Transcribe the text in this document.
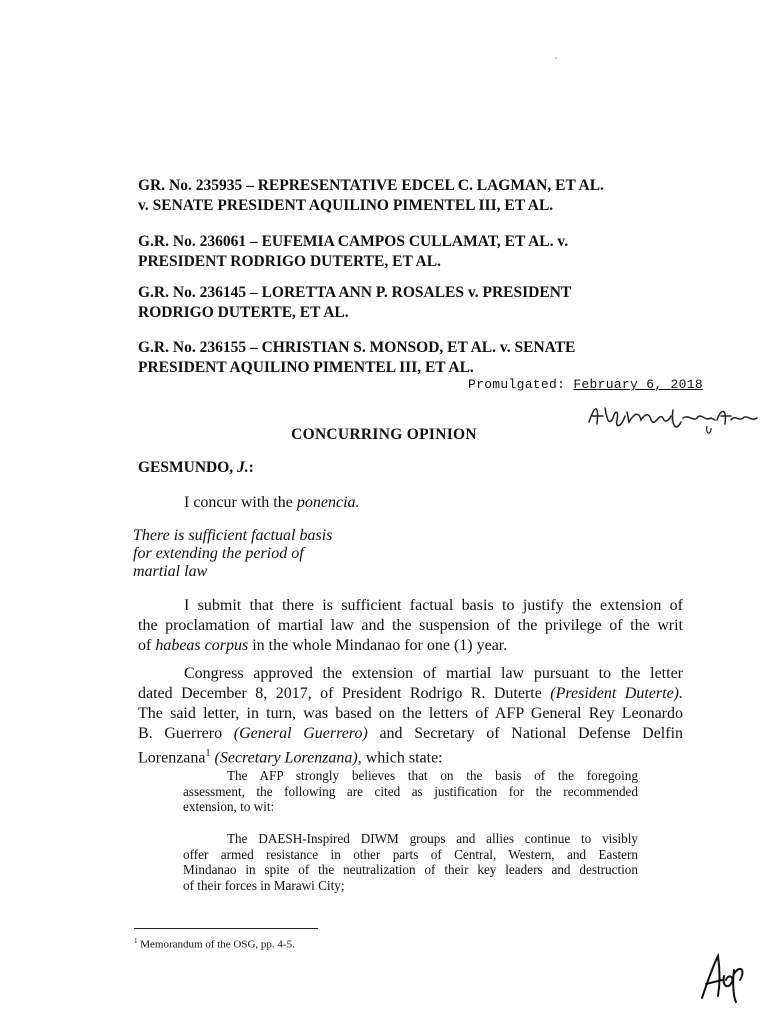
GR. No. 235935 – REPRESENTATIVE EDCEL C. LAGMAN, ET AL.
v. SENATE PRESIDENT AQUILINO PIMENTEL III, ET AL.
G.R. No. 236061 – EUFEMIA CAMPOS CULLAMAT, ET AL. v.
PRESIDENT RODRIGO DUTERTE, ET AL.
G.R. No. 236145 – LORETTA ANN P. ROSALES v. PRESIDENT
RODRIGO DUTERTE, ET AL.
G.R. No. 236155 – CHRISTIAN S. MONSOD, ET AL. v. SENATE
PRESIDENT AQUILINO PIMENTEL III, ET AL.
Promulgated: February 6, 2018
CONCURRING OPINION
GESMUNDO, J.:
I concur with the ponencia.
There is sufficient factual basis
for extending the period of
martial law
I submit that there is sufficient factual basis to justify the extension of
the proclamation of martial law and the suspension of the privilege of the writ
of habeas corpus in the whole Mindanao for one (1) year.
Congress approved the extension of martial law pursuant to the letter
dated December 8, 2017, of President Rodrigo R. Duterte (President Duterte).
The said letter, in turn, was based on the letters of AFP General Rey Leonardo
B. Guerrero (General Guerrero) and Secretary of National Defense Delfin
Lorenzana$^1$ (Secretary Lorenzana), which state:
The AFP strongly believes that on the basis of the foregoing
assessment, the following are cited as justification for the recommended
extension, to wit:
The DAESH-Inspired DIWM groups and allies continue to visibly
offer armed resistance in other parts of Central, Western, and Eastern
Mindanao in spite of the neutralization of their key leaders and destruction
of their forces in Marawi City;
$^1$ Memorandum of the OSG, pp. 4-5.
